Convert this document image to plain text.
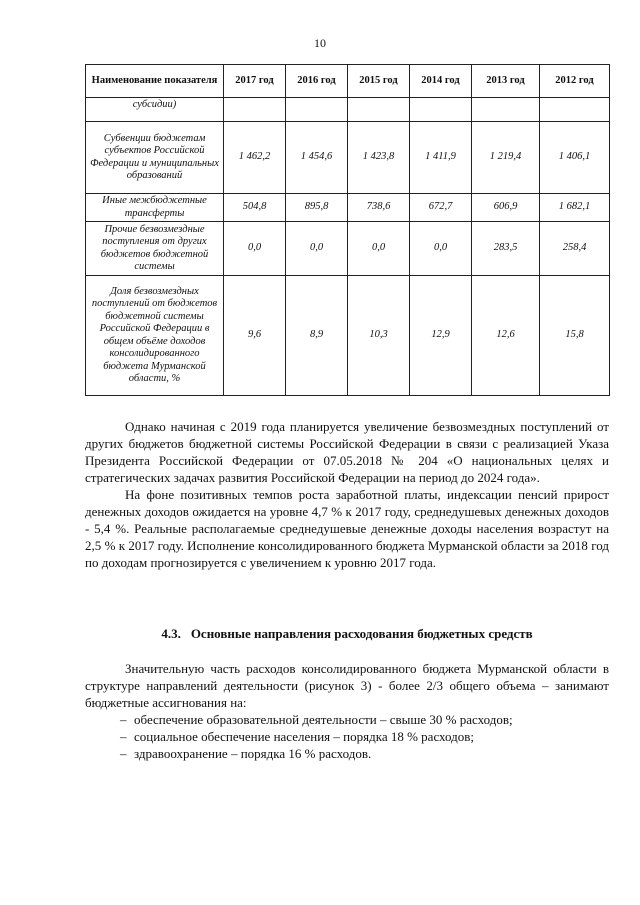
10
Наименование показателя	2017 год	2016 год	2015 год	2014 год	2013 год	2012 год
субсидии)						
Субвенции бюджетам субъектов Российской Федерации и муниципальных образований	1 462,2	1 454,6	1 423,8	1 411,9	1 219,4	1 406,1
Иные межбюджетные трансферты	504,8	895,8	738,6	672,7	606,9	1 682,1
Прочие безвозмездные поступления от других бюджетов бюджетной системы	0,0	0,0	0,0	0,0	283,5	258,4
Доля безвозмездных поступлений от бюджетов бюджетной системы Российской Федерации в общем объёме доходов консолидированного бюджета Мурманской области, %	9,6	8,9	10,3	12,9	12,6	15,8

Однако начиная с 2019 года планируется увеличение безвозмездных поступлений от других бюджетов бюджетной системы Российской Федерации в связи с реализацией Указа Президента Российской Федерации от 07.05.2018 № 204 «О национальных целях и стратегических задачах развития Российской Федерации на период до 2024 года».

На фоне позитивных темпов роста заработной платы, индексации пенсий прирост денежных доходов ожидается на уровне 4,7 % к 2017 году, среднедушевых денежных доходов - 5,4 %. Реальные располагаемые среднедушевые денежные доходы населения возрастут на 2,5 % к 2017 году. Исполнение консолидированного бюджета Мурманской области за 2018 год по доходам прогнозируется с увеличением к уровню 2017 года.

4.3. Основные направления расходования бюджетных средств

Значительную часть расходов консолидированного бюджета Мурманской области в структуре направлений деятельности (рисунок 3) - более 2/3 общего объема – занимают бюджетные ассигнования на:

– обеспечение образовательной деятельности – свыше 30 % расходов;
– социальное обеспечение населения – порядка 18 % расходов;
– здравоохранение – порядка 16 % расходов.
